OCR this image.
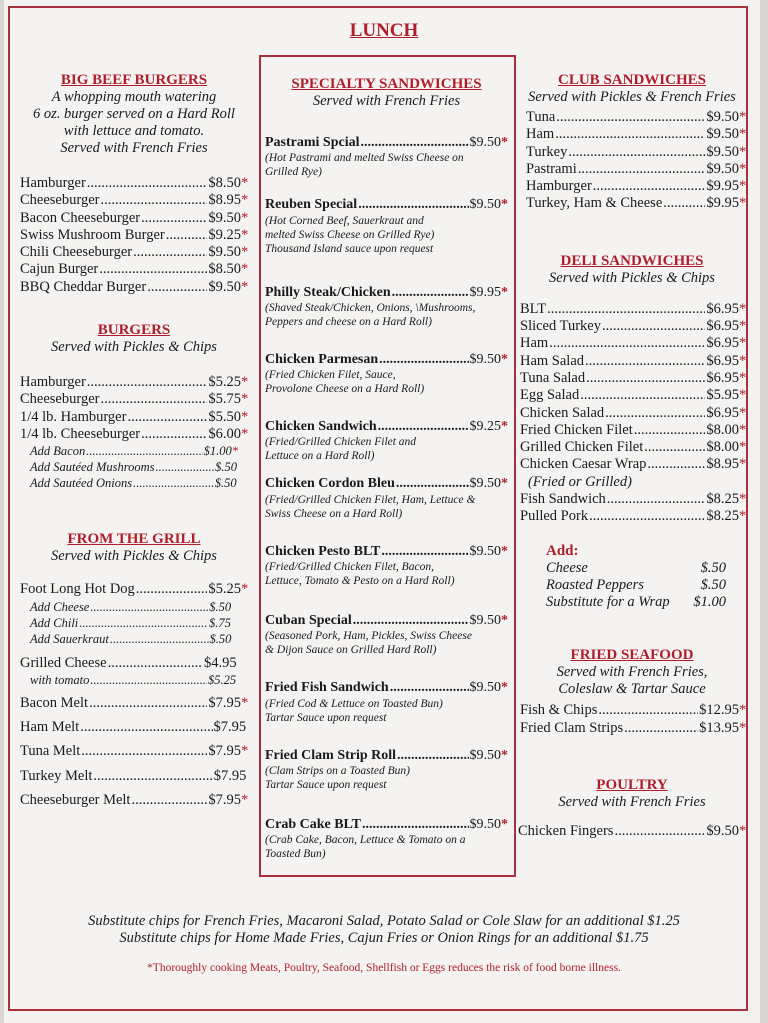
LUNCH
BIG BEEF BURGERS
A whopping mouth watering
6 oz. burger served on a Hard Roll
with lettuce and tomato.
Served with French Fries
Hamburger .....	$8.50 *
Cheeseburger .....	$8.95 *
Bacon Cheeseburger .....	$9.50 *
Swiss Mushroom Burger .....	$9.25 *
Chili Cheeseburger .....	$9.50 *
Cajun Burger .....	$8.50 *
BBQ Cheddar Burger .....	$9.50 *
BURGERS
Served with Pickles & Chips
Hamburger .....	$5.25 *
Cheeseburger .....	$5.75 *
1/4 lb. Hamburger .....	$5.50 *
1/4 lb. Cheeseburger .....	$6.00 *
Add Bacon .....	$1.00 *
Add Sautéed Mushrooms .....	$.50
Add Sautéed Onions .....	$.50
FROM THE GRILL
Served with Pickles & Chips
Foot Long Hot Dog .....	$5.25 *
Add Cheese .....	$.50
Add Chili .....	$.75
Add Sauerkraut .....	$.50
Grilled Cheese .....	$4.95
with tomato .....	$5.25
Bacon Melt .....	$7.95 *
Ham Melt .....	$7.95
Tuna Melt .....	$7.95 *
Turkey Melt .....	$7.95
Cheeseburger Melt .....	$7.95 *
SPECIALTY SANDWICHES
Served with French Fries
Pastrami Spcial .....	$9.50 *
(Hot Pastrami and melted Swiss Cheese on
Grilled Rye)
Reuben Special .....	$9.50 *
(Hot Corned Beef, Sauerkraut and
melted Swiss Cheese on Grilled Rye)
Thousand Island sauce upon request
Philly Steak/Chicken .....	$9.95 *
(Shaved Steak/Chicken, Onions, \Mushrooms,
Peppers and cheese on a Hard Roll)
Chicken Parmesan .....	$9.50 *
(Fried Chicken Filet, Sauce,
Provolone Cheese on a Hard Roll)
Chicken Sandwich .....	$9.25 *
(Fried/Grilled Chicken Filet and
Lettuce on a Hard Roll)
Chicken Cordon Bleu .....	$9.50 *
(Fried/Grilled Chicken Filet, Ham, Lettuce &
Swiss Cheese on a Hard Roll)
Chicken Pesto BLT .....	$9.50 *
(Fried/Grilled Chicken Filet, Bacon,
Lettuce, Tomato & Pesto on a Hard Roll)
Cuban Special .....	$9.50 *
(Seasoned Pork, Ham, Pickles, Swiss Cheese
& Dijon Sauce on Grilled Hard Roll)
Fried Fish Sandwich .....	$9.50 *
(Fried Cod & Lettuce on Toasted Bun)
Tartar Sauce upon request
Fried Clam Strip Roll .....	$9.50 *
(Clam Strips on a Toasted Bun)
Tartar Sauce upon request
Crab Cake BLT .....	$9.50 *
(Crab Cake, Bacon, Lettuce & Tomato on a
Toasted Bun)
CLUB SANDWICHES
Served with Pickles & French Fries
Tuna .....	$9.50 *
Ham .....	$9.50 *
Turkey .....	$9.50 *
Pastrami .....	$9.50 *
Hamburger .....	$9.95 *
Turkey, Ham & Cheese .....	$9.95 *
DELI SANDWICHES
Served with Pickles & Chips
BLT .....	$6.95 *
Sliced Turkey .....	$6.95 *
Ham .....	$6.95 *
Ham Salad .....	$6.95 *
Tuna Salad .....	$6.95 *
Egg Salad .....	$5.95 *
Chicken Salad .....	$6.95 *
Fried Chicken Filet .....	$8.00 *
Grilled Chicken Filet .....	$8.00 *
Chicken Caesar Wrap .....	$8.95 *
(Fried or Grilled)
Fish Sandwich .....	$8.25 *
Pulled Pork .....	$8.25 *
Add:
Cheese	$.50
Roasted Peppers	$.50
Substitute for a Wrap	$1.00
FRIED SEAFOOD
Served with French Fries,
Coleslaw & Tartar Sauce
Fish & Chips .....	$12.95 *
Fried Clam Strips .....	$13.95 *
POULTRY
Served with French Fries
Chicken Fingers .....	$9.50 *
Substitute chips for French Fries, Macaroni Salad, Potato Salad or Cole Slaw for an additional $1.25
Substitute chips for Home Made Fries, Cajun Fries or Onion Rings for an additional $1.75
*Thoroughly cooking Meats, Poultry, Seafood, Shellfish or Eggs reduces the risk of food borne illness.
